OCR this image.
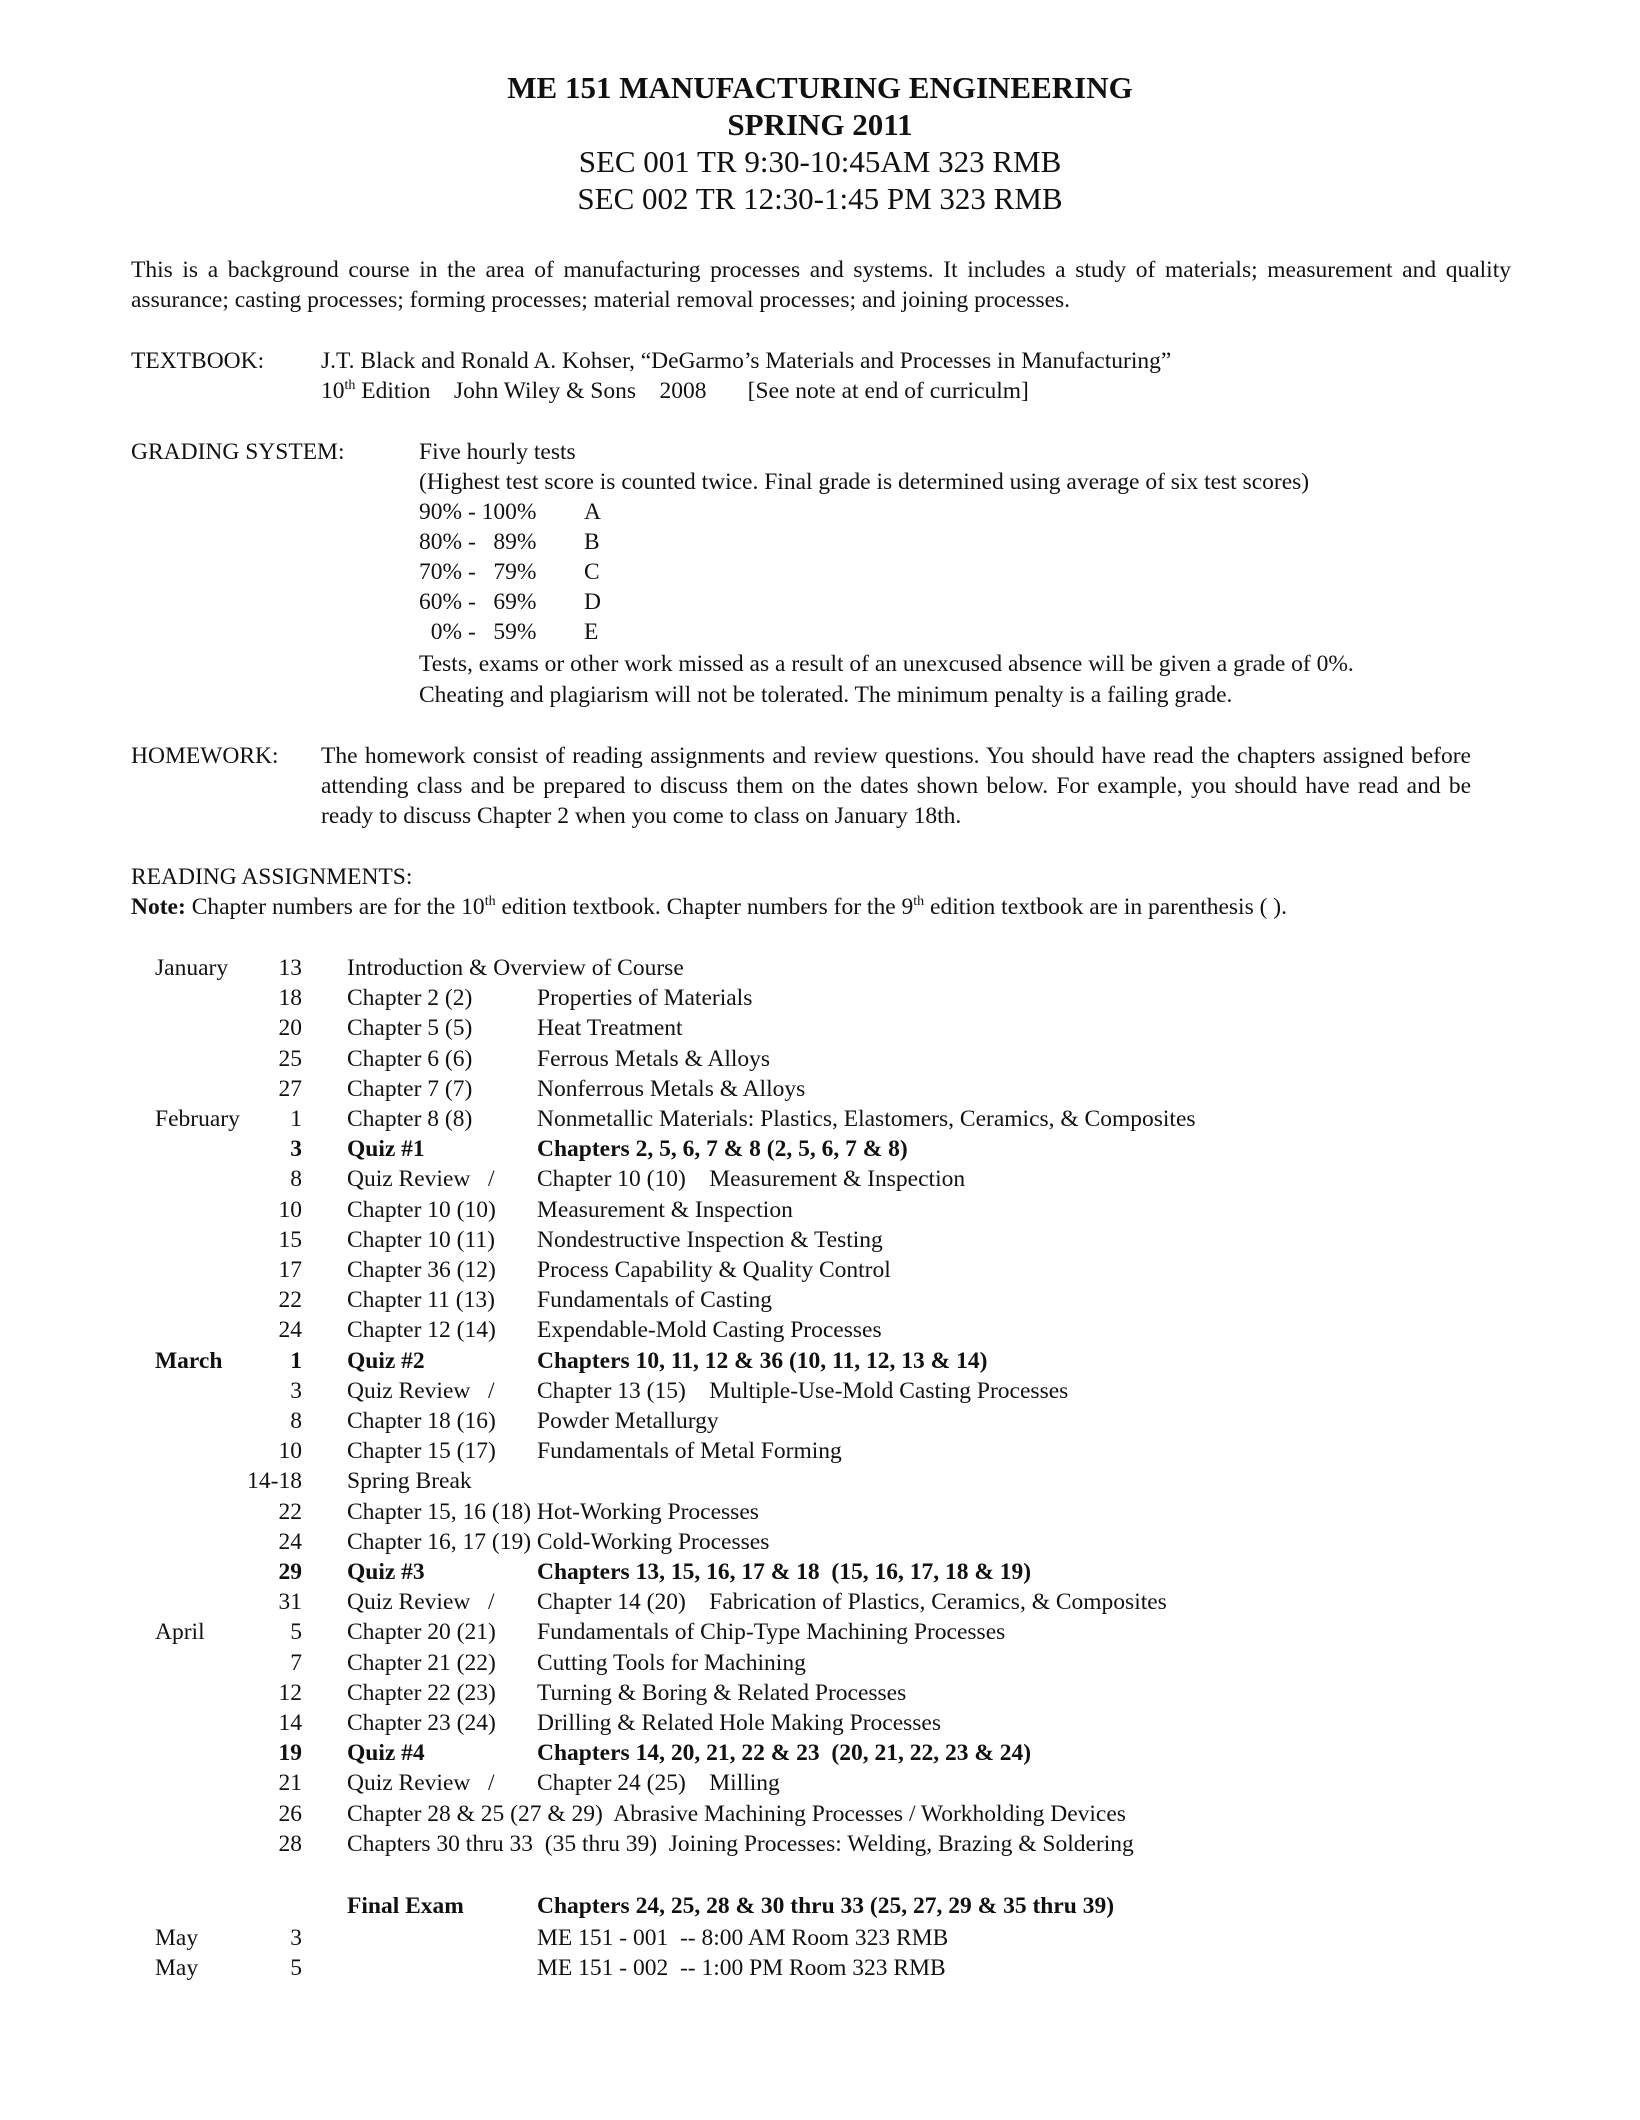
ME 151 MANUFACTURING ENGINEERING
SPRING 2011
SEC 001 TR 9:30-10:45AM 323 RMB
SEC 002 TR 12:30-1:45 PM 323 RMB
This is a background course in the area of manufacturing processes and systems. It includes a study of materials; measurement and quality assurance; casting processes; forming processes; material removal processes; and joining processes.
TEXTBOOK: J.T. Black and Ronald A. Kohser, “DeGarmo’s Materials and Processes in Manufacturing”
10th Edition    John Wiley & Sons    2008       [See note at end of curriculm]
GRADING SYSTEM:	Five hourly tests
(Highest test score is counted twice. Final grade is determined using average of six test scores)
90% - 100% A
80% -   89% B
70% -   79% C
60% -   69% D
0% -   59% E
Tests, exams or other work missed as a result of an unexcused absence will be given a grade of 0%.
Cheating and plagiarism will not be tolerated. The minimum penalty is a failing grade.
HOMEWORK: The homework consist of reading assignments and review questions. You should have read the chapters assigned before attending class and be prepared to discuss them on the dates shown below. For example, you should have read and be ready to discuss Chapter 2 when you come to class on January 18th.
READING ASSIGNMENTS:
Note: Chapter numbers are for the 10th edition textbook. Chapter numbers for the 9th edition textbook are in parenthesis ( ).
January	13 Introduction & Overview of Course
18 Chapter 2 (2)	Properties of Materials
20 Chapter 5 (5)	Heat Treatment
25 Chapter 6 (6)	Ferrous Metals & Alloys
27 Chapter 7 (7)	Nonferrous Metals & Alloys
February	1 Chapter 8 (8)	Nonmetallic Materials: Plastics, Elastomers, Ceramics, & Composites
3 Quiz #1	Chapters 2, 5, 6, 7 & 8 (2, 5, 6, 7 & 8)
8 Quiz Review   / Chapter 10 (10)    Measurement & Inspection
10 Chapter 10 (10) Measurement & Inspection
15 Chapter 10 (11) Nondestructive Inspection & Testing
17 Chapter 36 (12) Process Capability & Quality Control
22 Chapter 11 (13) Fundamentals of Casting
24 Chapter 12 (14) Expendable-Mold Casting Processes
March	1 Quiz #2	Chapters 10, 11, 12 & 36 (10, 11, 12, 13 & 14)
3 Quiz Review   / Chapter 13 (15)    Multiple-Use-Mold Casting Processes
8 Chapter 18 (16) Powder Metallurgy
10 Chapter 15 (17) Fundamentals of Metal Forming
14-18 Spring Break
22 Chapter 15, 16 (18) Hot-Working Processes
24 Chapter 16, 17 (19) Cold-Working Processes
29 Quiz #3	Chapters 13, 15, 16, 17 & 18  (15, 16, 17, 18 & 19)
31 Quiz Review   / Chapter 14 (20)    Fabrication of Plastics, Ceramics, & Composites
April	5 Chapter 20 (21) Fundamentals of Chip-Type Machining Processes
7 Chapter 21 (22) Cutting Tools for Machining
12 Chapter 22 (23) Turning & Boring & Related Processes
14 Chapter 23 (24) Drilling & Related Hole Making Processes
19 Quiz #4	Chapters 14, 20, 21, 22 & 23  (20, 21, 22, 23 & 24)
21 Quiz Review   / Chapter 24 (25)    Milling
26 Chapter 28 & 25 (27 & 29)  Abrasive Machining Processes / Workholding Devices
28 Chapters 30 thru 33  (35 thru 39)  Joining Processes: Welding, Brazing & Soldering
Final Exam	Chapters 24, 25, 28 & 30 thru 33 (25, 27, 29 & 35 thru 39)
May	3	ME 151 - 001  -- 8:00 AM Room 323 RMB
May	5	ME 151 - 002  -- 1:00 PM Room 323 RMB
